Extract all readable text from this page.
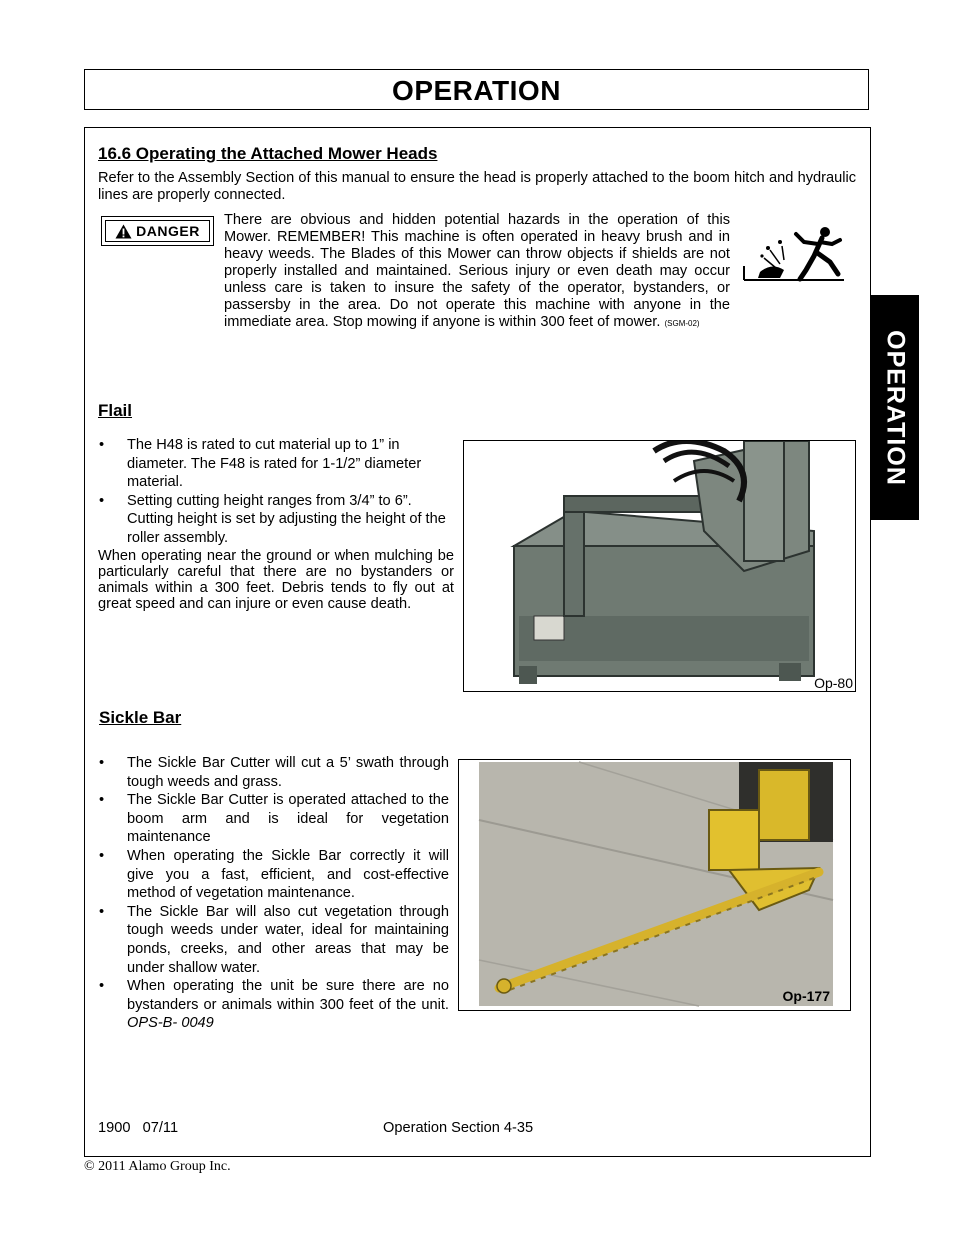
OPERATION
OPERATION
16.6 Operating the Attached Mower Heads
Refer to the Assembly Section of this manual to ensure the head is properly attached to the boom hitch and hydraulic lines are properly connected.
DANGER
There are obvious and hidden potential hazards in the operation of this Mower. REMEMBER! This machine is often operated in heavy brush and in heavy weeds. The Blades of this Mower can throw objects if shields are not properly installed and maintained. Serious injury or even death may occur unless care is taken to insure the safety of the operator, bystanders, or passersby in the area. Do not operate this machine with anyone in the immediate area. Stop mowing if anyone is within 300 feet of mower. (SGM-02)
Flail
• The H48 is rated to cut material up to 1” in diameter. The F48 is rated for 1-1/2” diameter material.
• Setting cutting height ranges from 3/4” to 6”. Cutting height is set by adjusting the height of the roller assembly.
When operating near the ground or when mulching be particularly careful that there are no bystanders or animals within a 300 feet. Debris tends to fly out at great speed and can injure or even cause death.
Op-80
Sickle Bar
• The Sickle Bar Cutter will cut a 5’ swath through tough weeds and grass.
• The Sickle Bar Cutter is operated attached to the boom arm and is ideal for vegetation maintenance
• When operating the Sickle Bar correctly it will give you a fast, efficient, and cost-effective method of vegetation maintenance.
• The Sickle Bar will also cut vegetation through tough weeds under water, ideal for maintaining ponds, creeks, and other areas that may be under shallow water.
• When operating the unit be sure there are no bystanders or animals within 300 feet of the unit. OPS-B- 0049
Op-177
1900   07/11	Operation Section 4-35
© 2011 Alamo Group Inc.
